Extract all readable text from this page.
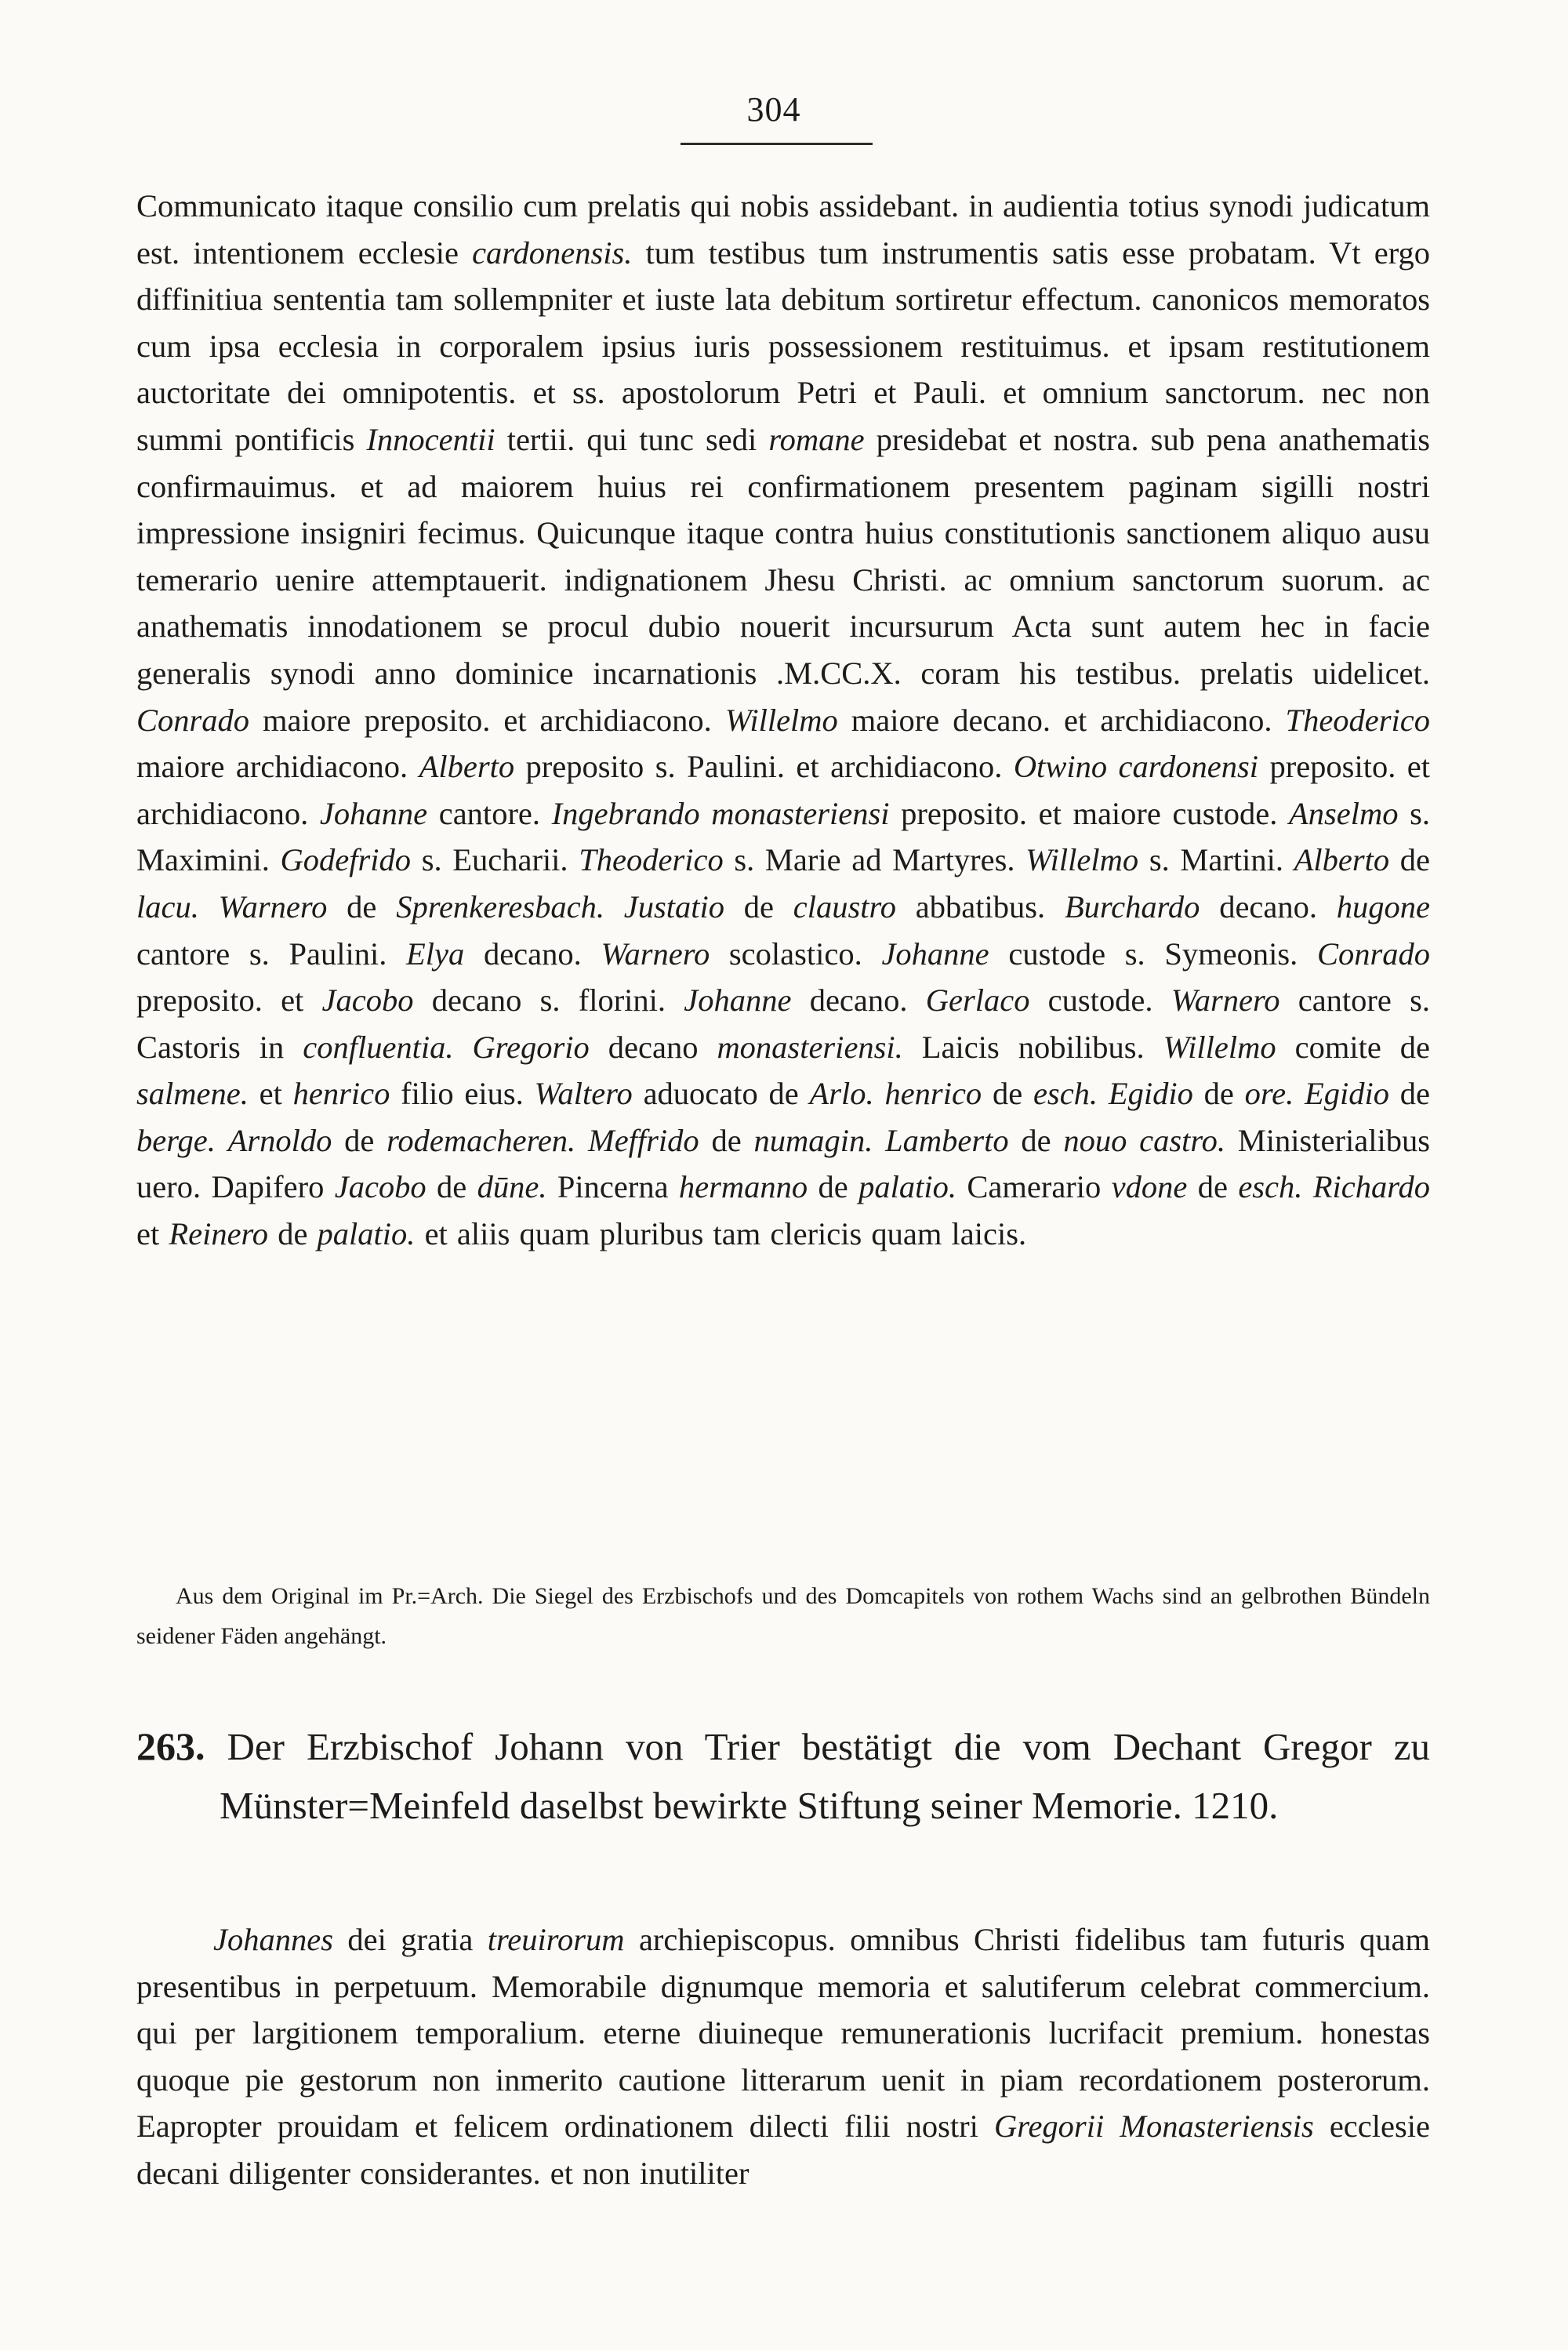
304

Communicato itaque consilio cum prelatis qui nobis assidebant. in audientia totius synodi judicatum est. intentionem ecclesie cardonensis. tum testibus tum instrumentis satis esse probatam. Vt ergo diffinitiua sententia tam sollempniter et iuste lata debitum sortiretur effectum. canonicos memoratos cum ipsa ecclesia in corporalem ipsius iuris possessionem restituimus. et ipsam restitutionem auctoritate dei omnipotentis. et ss. apostolorum Petri et Pauli. et omnium sanctorum. nec non summi pontificis Innocentii tertii. qui tunc sedi romane presidebat et nostra. sub pena anathematis confirmauimus. et ad maiorem huius rei confirmationem presentem paginam sigilli nostri impressione insigniri fecimus. Quicunque itaque contra huius constitutionis sanctionem aliquo ausu temerario uenire attemptauerit. indignationem Jhesu Christi. ac omnium sanctorum suorum. ac anathematis innodationem se procul dubio nouerit incursurum Acta sunt autem hec in facie generalis synodi anno dominice incarnationis .M.CC.X. coram his testibus. prelatis uidelicet. Conrado maiore preposito. et archidiacono. Willelmo maiore decano. et archidiacono. Theoderico maiore archidiacono. Alberto preposito s. Paulini. et archidiacono. Otwino cardonensi preposito. et archidiacono. Johanne cantore. Ingebrando monasteriensi preposito. et maiore custode. Anselmo s. Maximini. Godefrido s. Eucharii. Theoderico s. Marie ad Martyres. Willelmo s. Martini. Alberto de lacu. Warnero de Sprenkeresbach. Justatio de claustro abbatibus. Burchardo decano. hugone cantore s. Paulini. Elya decano. Warnero scolastico. Johanne custode s. Symeonis. Conrado preposito. et Jacobo decano s. florini. Johanne decano. Gerlaco custode. Warnero cantore s. Castoris in confluentia. Gregorio decano monasteriensi. Laicis nobilibus. Willelmo comite de salmene. et henrico filio eius. Waltero aduocato de Arlo. henrico de esch. Egidio de ore. Egidio de berge. Arnoldo de rodemacheren. Meffrido de numagin. Lamberto de nouo castro. Ministerialibus uero. Dapifero Jacobo de dūne. Pincerna hermanno de palatio. Camerario vdone de esch. Richardo et Reinero de palatio. et aliis quam pluribus tam clericis quam laicis.

Aus dem Original im Pr.=Arch. Die Siegel des Erzbischofs und des Domcapitels von rothem Wachs sind an gelbrothen Bündeln seidener Fäden angehängt.
263. Der Erzbischof Johann von Trier bestätigt die vom Dechant Gregor zu Münster=Meinfeld daselbst bewirkte Stiftung seiner Memorie. 1210.

Johannes dei gratia treuirorum archiepiscopus. omnibus Christi fidelibus tam futuris quam presentibus in perpetuum. Memorabile dignumque memoria et salutiferum celebrat commercium. qui per largitionem temporalium. eterne diuineque remunerationis lucrifacit premium. honestas quoque pie gestorum non inmerito cautione litterarum uenit in piam recordationem posterorum. Eapropter prouidam et felicem ordinationem dilecti filii nostri Gregorii Monasteriensis ecclesie decani diligenter considerantes. et non inutiliter
